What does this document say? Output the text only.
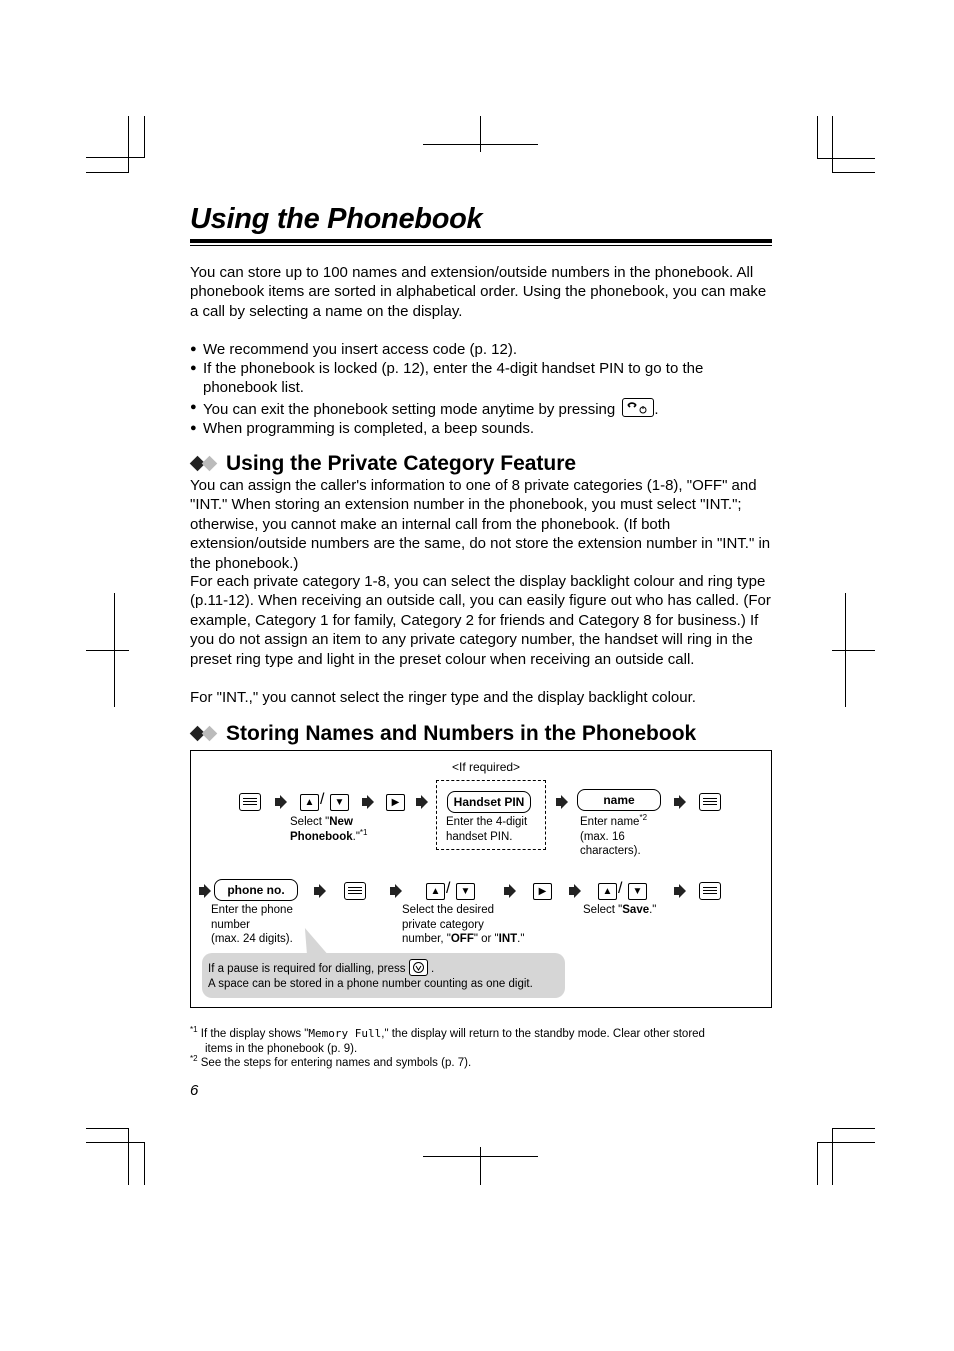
Using the Phonebook
You can store up to 100 names and extension/outside numbers in the phonebook. All phonebook items are sorted in alphabetical order. Using the phonebook, you can make a call by selecting a name on the display.
● We recommend you insert access code (p. 12).
● If the phonebook is locked (p. 12), enter the 4-digit handset PIN to go to the phonebook list.
● You can exit the phonebook setting mode anytime by pressing	.
● When programming is completed, a beep sounds.
Using the Private Category Feature
You can assign the caller's information to one of 8 private categories (1-8), "OFF" and "INT." When storing an extension number in the phonebook, you must select "INT."; otherwise, you cannot make an internal call from the phonebook. (If both extension/outside numbers are the same, do not store the extension number in "INT." in the phonebook.)
For each private category 1-8, you can select the display backlight colour and ring type (p.11-12). When receiving an outside call, you can easily figure out who has called. (For example, Category 1 for family, Category 2 for friends and Category 8 for business.) If you do not assign an item to any private category number, the handset will ring in the preset ring type and light in the preset colour when receiving an outside call.
For "INT.," you cannot select the ringer type and the display backlight colour.
Storing Names and Numbers in the Phonebook
<If required>
▲ /	▼	▶	Handset PIN	name
Select "New
Phonebook."$^{*1}$
Enter the 4-digit
handset PIN.
Enter name$^{*2}$
(max. 16
characters).
phone no.	▲ /	▼	▶	▲ /	▼
Enter the phone
number
(max. 24 digits).
Select the desired
private category
number, "OFF" or "INT."
Select "Save."
If a pause is required for dialling, press .
A space can be stored in a phone number counting as one digit.
$^{*1}$ If the display shows "Memory Full," the display will return to the standby mode. Clear other stored
items in the phonebook (p. 9).
$^{*2}$ See the steps for entering names and symbols (p. 7).
6
